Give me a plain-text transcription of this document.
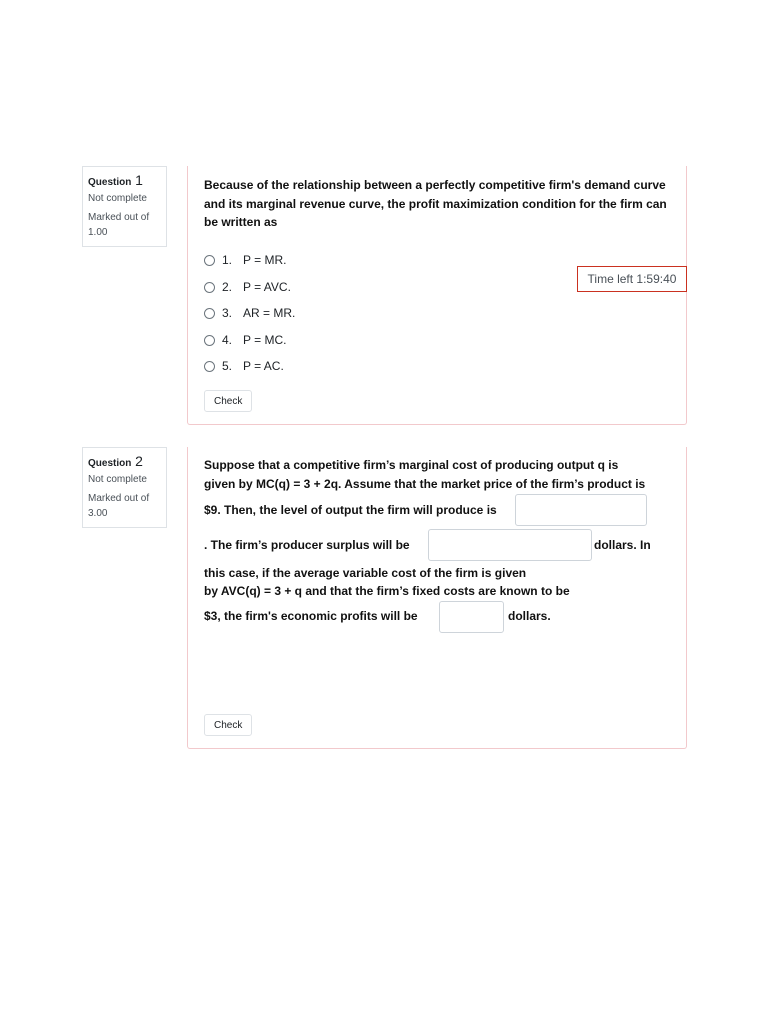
Question 1
Not complete
Marked out of 1.00
Because of the relationship between a perfectly competitive firm's demand curve and its marginal revenue curve, the profit maximization condition for the firm can be written as
1. P = MR.
2. P = AVC.
3. AR = MR.
4. P = MC.
5. P = AC.
Check
Time left 1:59:40
Question 2
Not complete
Marked out of 3.00
Suppose that a competitive firm’s marginal cost of producing output q is
given by MC(q) = 3 + 2q. Assume that the market price of the firm’s product is
$9. Then, the level of output the firm will produce is
. The firm’s producer surplus will be	dollars. In
this case, if the average variable cost of the firm is given
by AVC(q) = 3 + q and that the firm’s fixed costs are known to be
$3, the firm's economic profits will be	dollars.
Check
